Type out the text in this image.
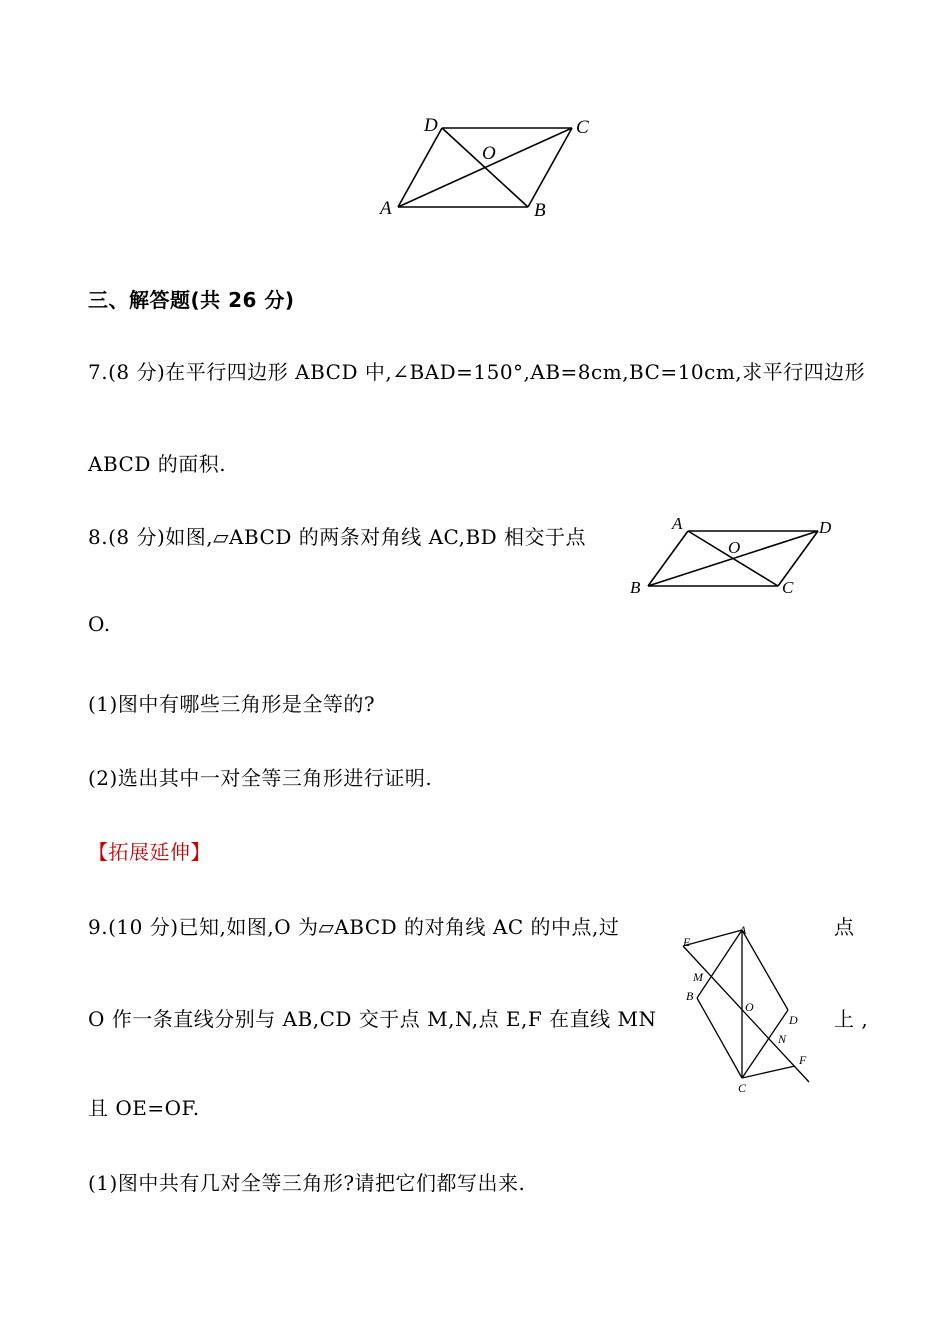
D	C
O
A	B
三、解答题(共 26 分)
7.(8 分)在平行四边形 ABCD 中,∠BAD=150°,AB=8cm,BC=10cm,求平行四边形
ABCD 的面积.
8.(8 分)如图,▱ABCD 的两条对角线 AC,BD 相交于点
O.
A	D
O
B	C
(1)图中有哪些三角形是全等的?
(2)选出其中一对全等三角形进行证明.
【拓展延伸】
9.(10 分)已知,如图,O 为▱ABCD 的对角线 AC 的中点,过	点
O 作一条直线分别与 AB,CD 交于点 M,N,点 E,F 在直线 MN	上 ,
且 OE=OF.
A
E
M
B
O
D
N
F
C
(1)图中共有几对全等三角形?请把它们都写出来.
